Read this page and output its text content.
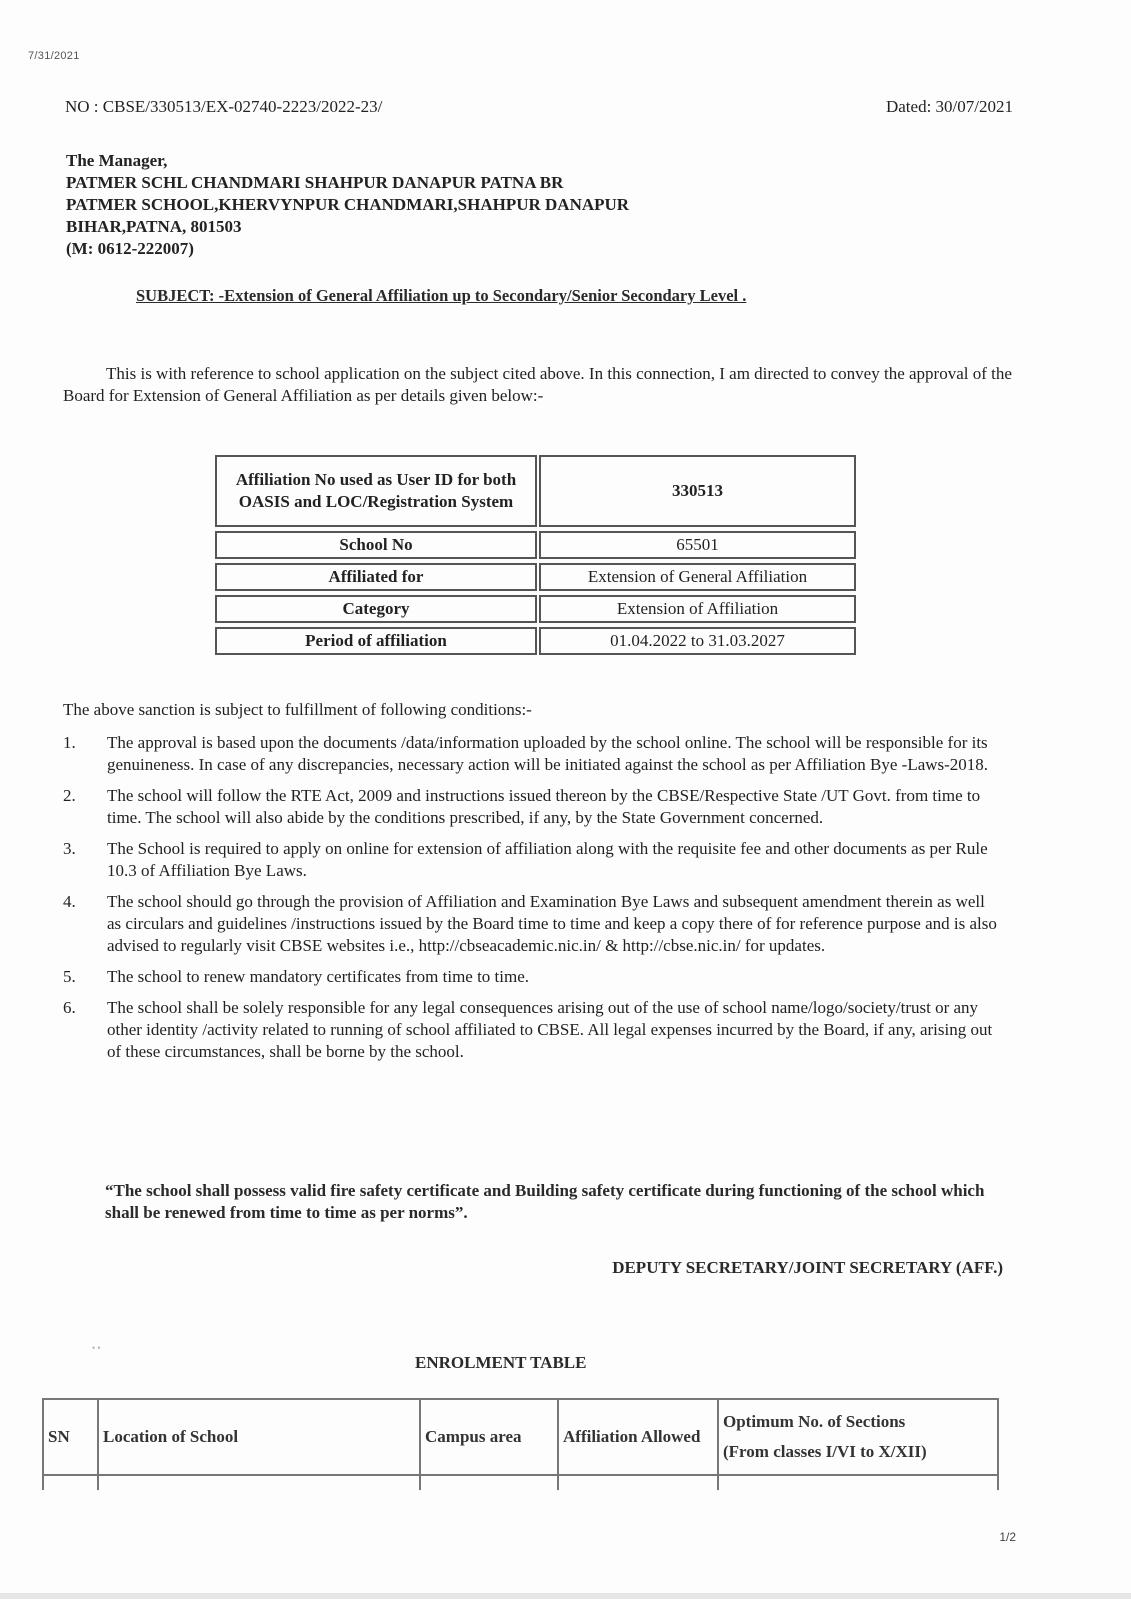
7/31/2021
NO : CBSE/330513/EX-02740-2223/2022-23/	Dated: 30/07/2021
The Manager,
PATMER SCHL CHANDMARI SHAHPUR DANAPUR PATNA BR
PATMER SCHOOL,KHERVYNPUR CHANDMARI,SHAHPUR DANAPUR
BIHAR,PATNA, 801503
(M: 0612-222007)
SUBJECT: -Extension of General Affiliation up to Secondary/Senior Secondary Level .

This is with reference to school application on the subject cited above. In this connection, I am directed to convey the approval of the Board for Extension of General Affiliation as per details given below:-

Affiliation No used as User ID for both OASIS and LOC/Registration System	330513
School No	65501
Affiliated for	Extension of General Affiliation
Category	Extension of Affiliation
Period of affiliation	01.04.2022 to 31.03.2027
The above sanction is subject to fulfillment of following conditions:-
1. The approval is based upon the documents /data/information uploaded by the school online. The school will be responsible for its genuineness. In case of any discrepancies, necessary action will be initiated against the school as per Affiliation Bye -Laws-2018.
2. The school will follow the RTE Act, 2009 and instructions issued thereon by the CBSE/Respective State /UT Govt. from time to time. The school will also abide by the conditions prescribed, if any, by the State Government concerned.
3. The School is required to apply on online for extension of affiliation along with the requisite fee and other documents as per Rule 10.3 of Affiliation Bye Laws.
4. The school should go through the provision of Affiliation and Examination Bye Laws and subsequent amendment therein as well as circulars and guidelines /instructions issued by the Board time to time and keep a copy there of for reference purpose and is also advised to regularly visit CBSE websites i.e., http://cbseacademic.nic.in/ & http://cbse.nic.in/ for updates.
5. The school to renew mandatory certificates from time to time.
6. The school shall be solely responsible for any legal consequences arising out of the use of school name/logo/society/trust or any other identity /activity related to running of school affiliated to CBSE. All legal expenses incurred by the Board, if any, arising out of these circumstances, shall be borne by the school.
“The school shall possess valid fire safety certificate and Building safety certificate during functioning of the school which shall be renewed from time to time as per norms”.
DEPUTY SECRETARY/JOINT SECRETARY (AFF.)
• •
ENROLMENT TABLE
SN	Location of School	Campus area	Affiliation Allowed	Optimum No. of Sections
(From classes I/VI to X/XII)

1/2
